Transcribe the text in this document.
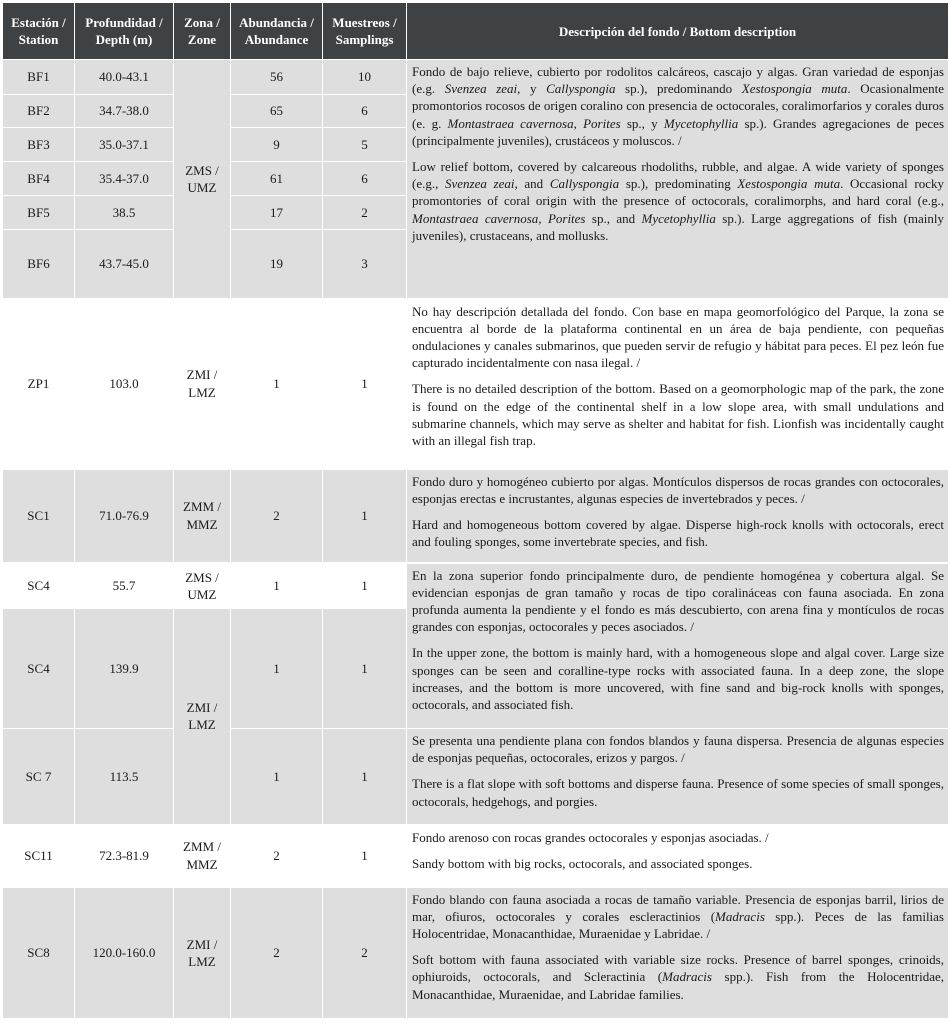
Estación / Station	Profundidad / Depth (m)	Zona / Zone	Abundancia / Abundance	Muestreos / Samplings	Descripción del fondo / Bottom description
BF1	40.0-43.1	ZMS / UMZ	56	10	Fondo de bajo relieve, cubierto por rodolitos calcáreos, cascajo y algas. Gran variedad de esponjas (e.g. Svenzea zeai, y Callyspongia sp.), predominando Xestospongia muta. Ocasionalmente promontorios rocosos de origen coralino con presencia de octocorales, coralimorfarios y corales duros (e. g. Montastraea cavernosa, Porites sp., y Mycetophyllia sp.). Grandes agregaciones de peces (principalmente juveniles), crustáceos y moluscos. /

Low relief bottom, covered by calcareous rhodoliths, rubble, and algae. A wide variety of sponges (e.g., Svenzea zeai, and Callyspongia sp.), predominating Xestospongia muta. Occasional rocky promontories of coral origin with the presence of octocorals, coralimorphs, and hard coral (e.g., Montastraea cavernosa, Porites sp., and Mycetophyllia sp.). Large aggregations of fish (mainly juveniles), crustaceans, and mollusks.

BF2	34.7-38.0		65	6	
BF3	35.0-37.1		9	5	
BF4	35.4-37.0		61	6	
BF5	38.5		17	2	
BF6	43.7-45.0		19	3	
ZP1	103.0	ZMI / LMZ	1	1	No hay descripción detallada del fondo. Con base en mapa geomorfológico del Parque, la zona se encuentra al borde de la plataforma continental en un área de baja pendiente, con pequeñas ondulaciones y canales submarinos, que pueden servir de refugio y hábitat para peces. El pez león fue capturado incidentalmente con nasa ilegal. /

There is no detailed description of the bottom. Based on a geomorphologic map of the park, the zone is found on the edge of the continental shelf in a low slope area, with small undulations and submarine channels, which may serve as shelter and habitat for fish. Lionfish was incidentally caught with an illegal fish trap.

SC1	71.0-76.9	ZMM / MMZ	2	1	Fondo duro y homogéneo cubierto por algas. Montículos dispersos de rocas grandes con octocorales, esponjas erectas e incrustantes, algunas especies de invertebrados y peces. /

Hard and homogeneous bottom covered by algae. Disperse high-rock knolls with octocorals, erect and fouling sponges, some invertebrate species, and fish.

SC4	55.7	ZMS / UMZ	1	1	En la zona superior fondo principalmente duro, de pendiente homogénea y cobertura algal. Se evidencian esponjas de gran tamaño y rocas de tipo coralináceas con fauna asociada. En zona profunda aumenta la pendiente y el fondo es más descubierto, con arena fina y montículos de rocas grandes con esponjas, octocorales y peces asociados. /

In the upper zone, the bottom is mainly hard, with a homogeneous slope and algal cover. Large size sponges can be seen and coralline-type rocks with associated fauna. In a deep zone, the slope increases, and the bottom is more uncovered, with fine sand and big-rock knolls with sponges, octocorals, and associated fish.

SC4	139.9	ZMI / LMZ	1	1	
SC 7	113.5		1	1	Se presenta una pendiente plana con fondos blandos y fauna dispersa. Presencia de algunas especies de esponjas pequeñas, octocorales, erizos y pargos. /

There is a flat slope with soft bottoms and disperse fauna. Presence of some species of small sponges, octocorals, hedgehogs, and porgies.

SC11	72.3-81.9	ZMM / MMZ	2	1	Fondo arenoso con rocas grandes octocorales y esponjas asociadas. /

Sandy bottom with big rocks, octocorals, and associated sponges.

SC8	120.0-160.0	ZMI / LMZ	2	2	Fondo blando con fauna asociada a rocas de tamaño variable. Presencia de esponjas barril, lirios de mar, ofiuros, octocorales y corales escleractinios (Madracis spp.). Peces de las familias Holocentridae, Monacanthidae, Muraenidae y Labridae. /

Soft bottom with fauna associated with variable size rocks. Presence of barrel sponges, crinoids, ophiuroids, octocorals, and Scleractinia (Madracis spp.). Fish from the Holocentridae, Monacanthidae, Muraenidae, and Labridae families.
